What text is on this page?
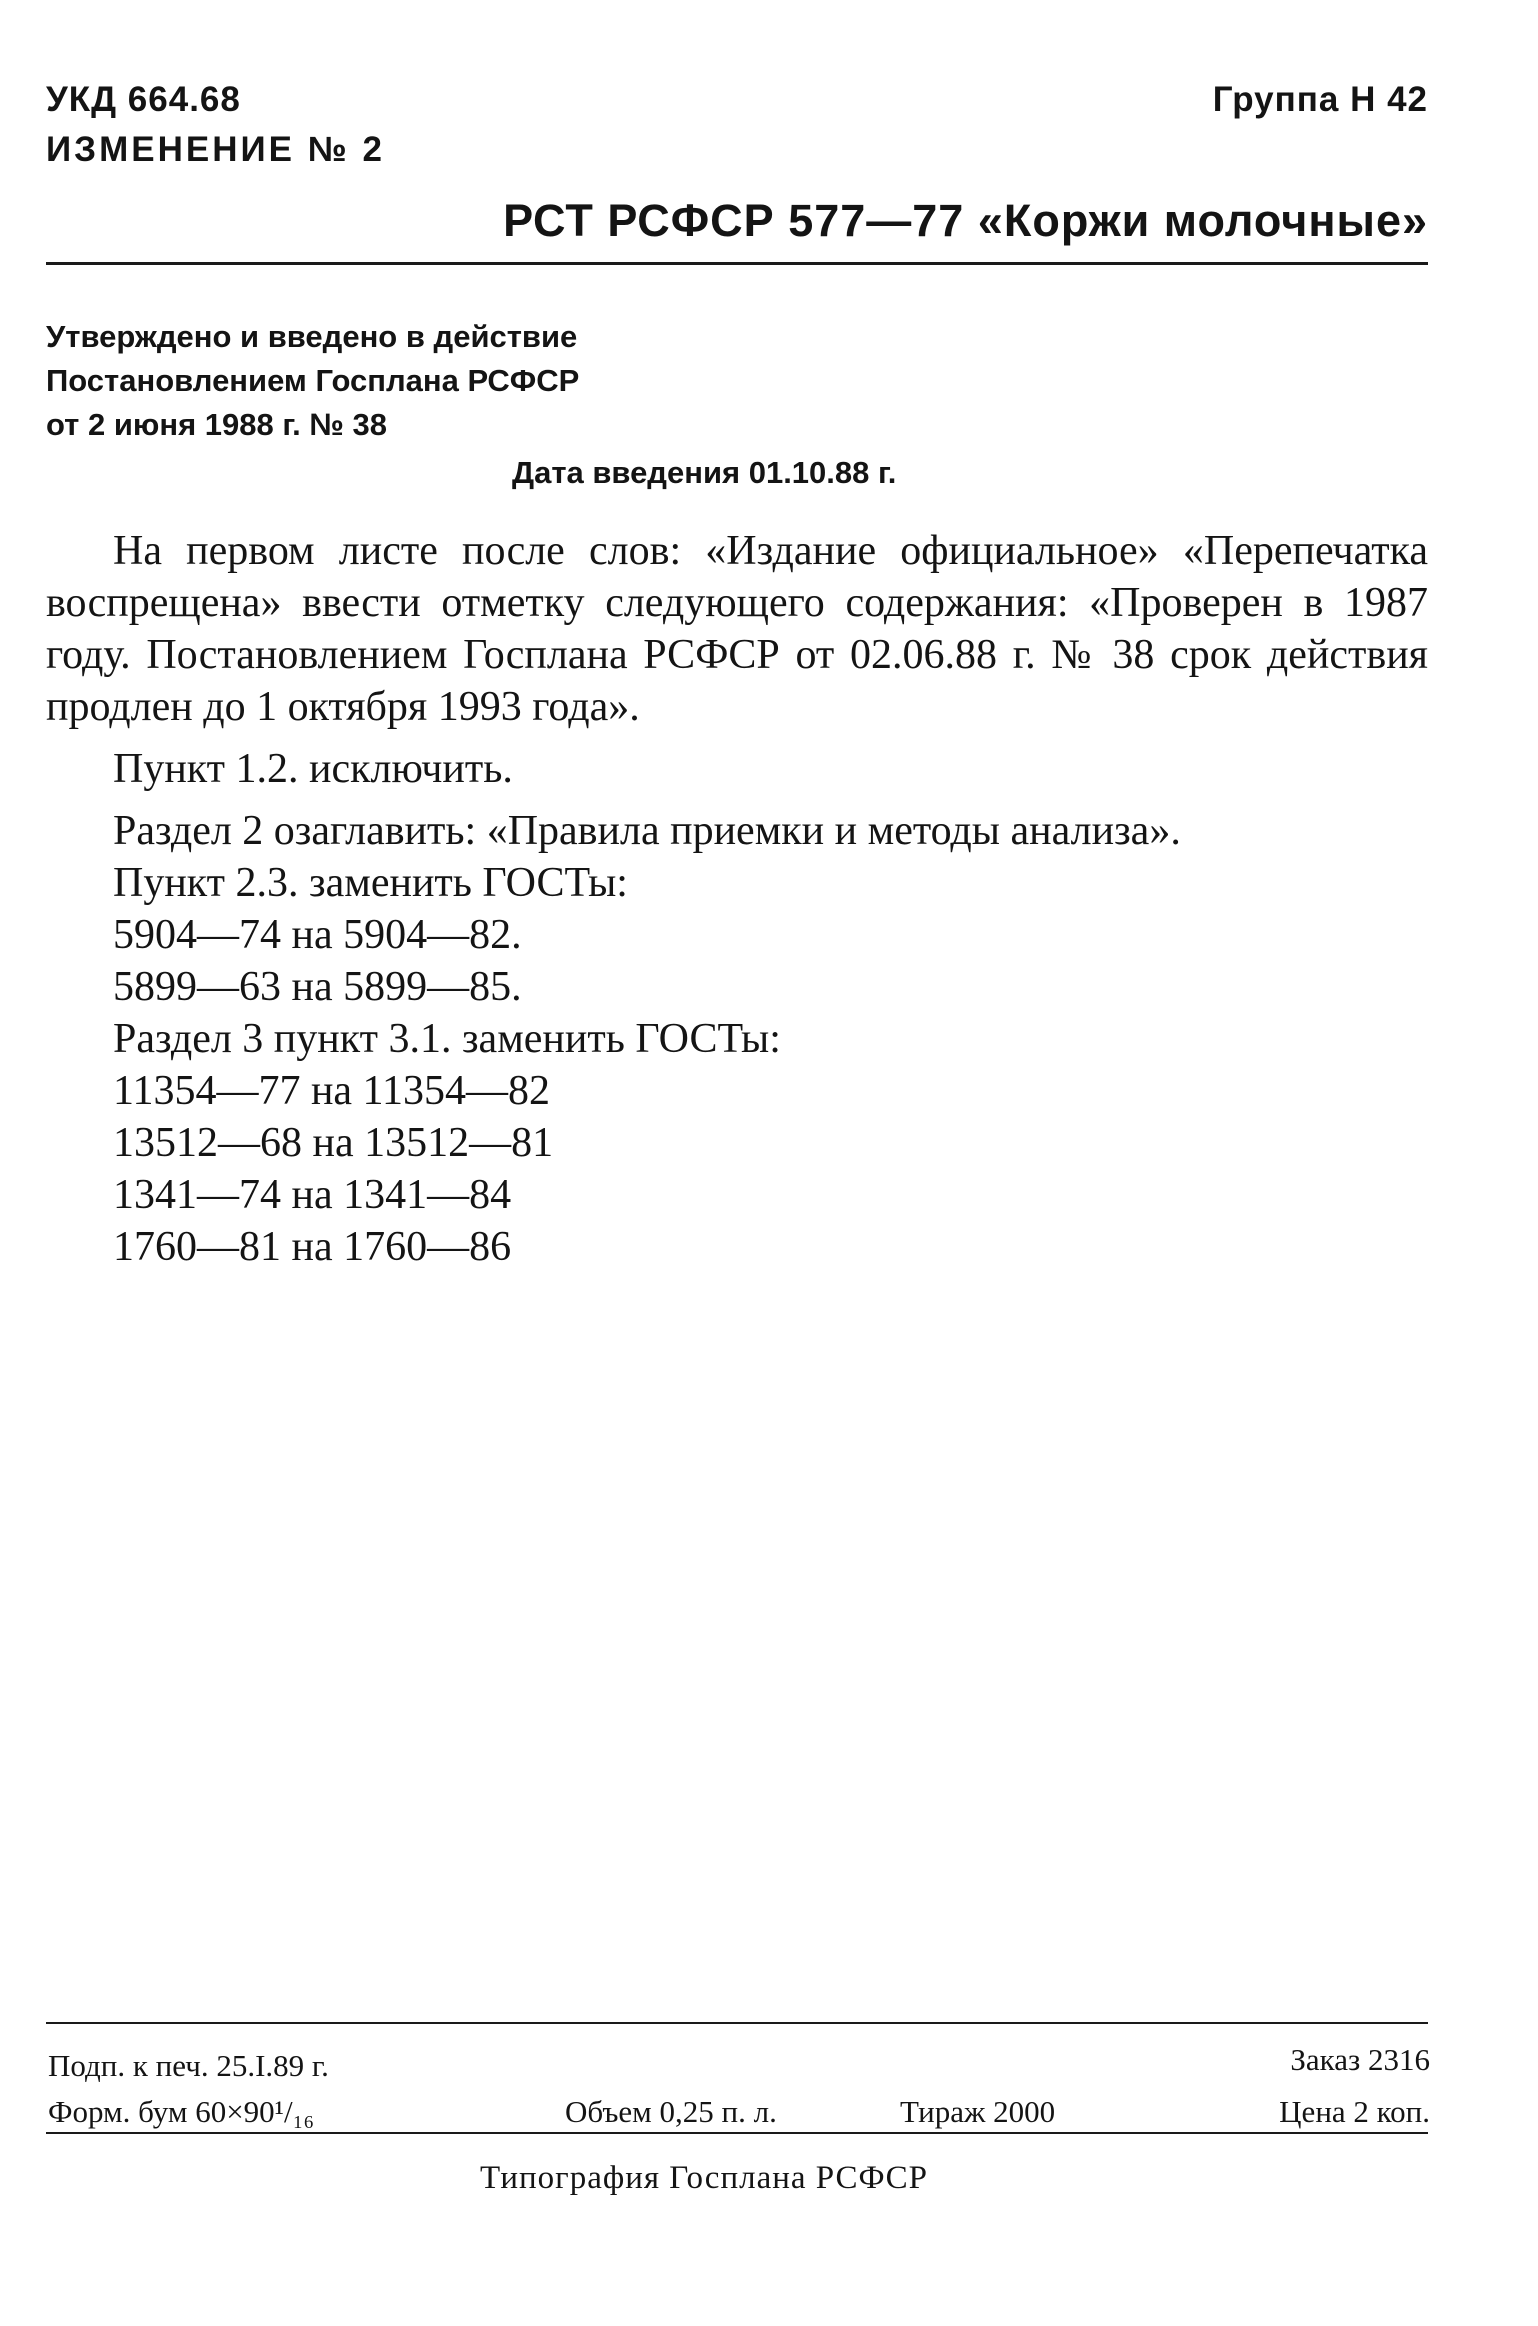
УКД 664.68	Группа Н 42
ИЗМЕНЕНИЕ № 2
РСТ РСФСР 577—77 «Коржи молочные»
Утверждено и введено в действие
Постановлением Госплана РСФСР
от 2 июня 1988 г. № 38
Дата введения 01.10.88 г.

На первом листе после слов: «Издание официальное» «Перепечатка воспрещена» ввести отметку следующего содержания: «Проверен в 1987 году. Постановлением Госплана РСФСР от 02.06.88 г. № 38 срок действия продлен до 1 октября 1993 года».

Пункт 1.2. исключить.

Раздел 2 озаглавить: «Правила приемки и методы анализа».

Пункт 2.3. заменить ГОСТы:

5904—74 на 5904—82.

5899—63 на 5899—85.

Раздел 3 пункт 3.1. заменить ГОСТы:

11354—77 на 11354—82

13512—68 на 13512—81

1341—74 на 1341—84

1760—81 на 1760—86

Подп. к печ. 25.I.89 г.	Заказ 2316
Форм. бум 60×90¹/₁₆	Объем 0,25 п. л.	Тираж 2000	Цена 2 коп.
Типография Госплана РСФСР
